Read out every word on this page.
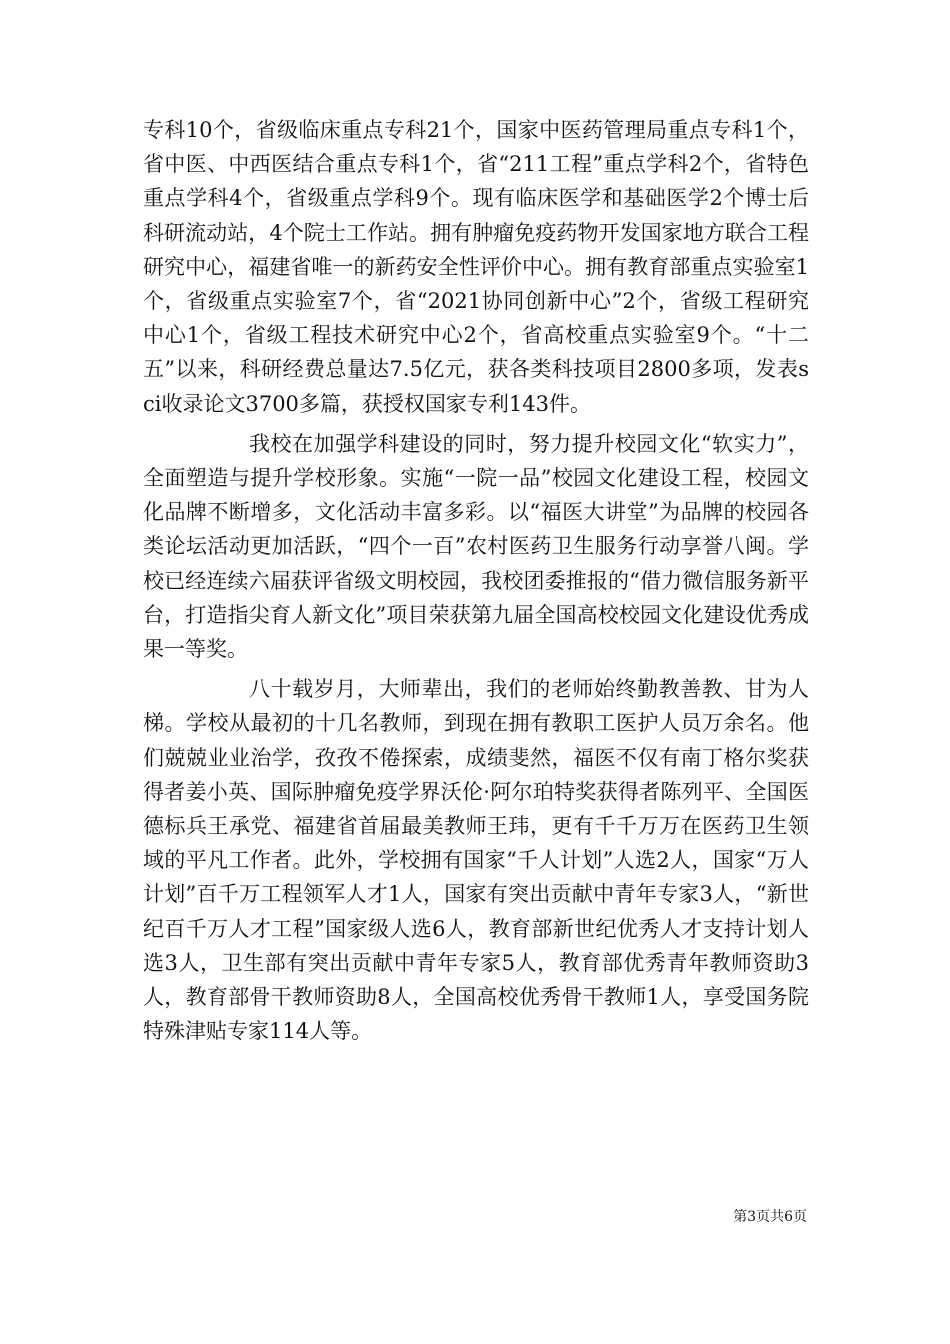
专科10个，省级临床重点专科21个，国家中医药管理局重点专科1个，省中医、中西医结合重点专科1个，省“211工程”重点学科2个，省特色重点学科4个，省级重点学科9个。现有临床医学和基础医学2个博士后科研流动站，4个院士工作站。拥有肿瘤免疫药物开发国家地方联合工程研究中心，福建省唯一的新药安全性评价中心。拥有教育部重点实验室1个，省级重点实验室7个，省“2021协同创新中心”2个，省级工程研究中心1个，省级工程技术研究中心2个，省高校重点实验室9个。“十二五”以来，科研经费总量达7.5亿元，获各类科技项目2800多项，发表sci收录论文3700多篇，获授权国家专利143件。

我校在加强学科建设的同时，努力提升校园文化“软实力”，全面塑造与提升学校形象。实施“一院一品”校园文化建设工程，校园文化品牌不断增多，文化活动丰富多彩。以“福医大讲堂”为品牌的校园各类论坛活动更加活跃，“四个一百”农村医药卫生服务行动享誉八闽。学校已经连续六届获评省级文明校园，我校团委推报的“借力微信服务新平台，打造指尖育人新文化”项目荣获第九届全国高校校园文化建设优秀成果一等奖。

八十载岁月，大师辈出，我们的老师始终勤教善教、甘为人梯。学校从最初的十几名教师，到现在拥有教职工医护人员万余名。他们兢兢业业治学，孜孜不倦探索，成绩斐然，福医不仅有南丁格尔奖获得者姜小英、国际肿瘤免疫学界沃伦·阿尔珀特奖获得者陈列平、全国医德标兵王承党、福建省首届最美教师王玮，更有千千万万在医药卫生领域的平凡工作者。此外，学校拥有国家“千人计划”人选2人，国家“万人计划”百千万工程领军人才1人，国家有突出贡献中青年专家3人，“新世纪百千万人才工程”国家级人选6人，教育部新世纪优秀人才支持计划人选3人，卫生部有突出贡献中青年专家5人，教育部优秀青年教师资助3人，教育部骨干教师资助8人，全国高校优秀骨干教师1人，享受国务院特殊津贴专家114人等。

第3页共6页
